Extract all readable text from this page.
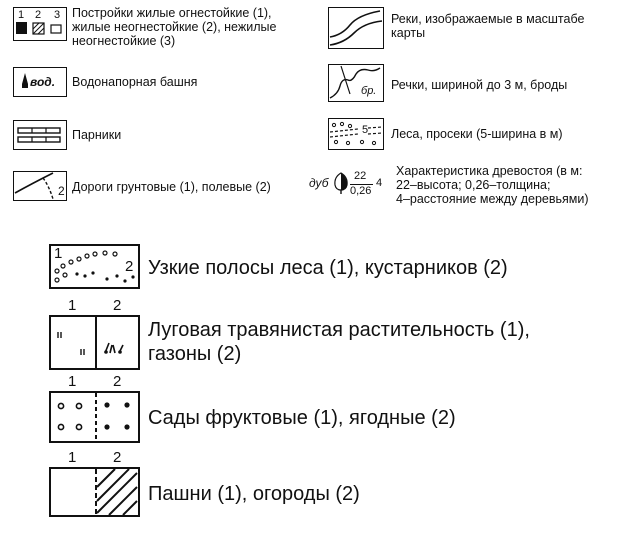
1 2 3 Постройки жилые огнестойкие (1),
жилые неогнестойкие (2), нежилые
неогнестойкие (3)
вод. Водонапорная башня
Парники
2 Дороги грунтовые (1), полевые (2)
Реки, изображаемые в масштабе
карты
бр. Речки, шириной до 3 м, броды
5 Леса, просеки (5-ширина в м)
дуб 22
0,26
4
Характеристика древостоя (в м:
22–высота; 0,26–толщина;
4–расстояние между деревьями)
1
2 Узкие полосы леса (1), кустарников (2)
1 2
Луговая травянистая растительность (1),
газоны (2)
1 2
Сады фруктовые (1), ягодные (2)
1 2
Пашни (1), огороды (2)
